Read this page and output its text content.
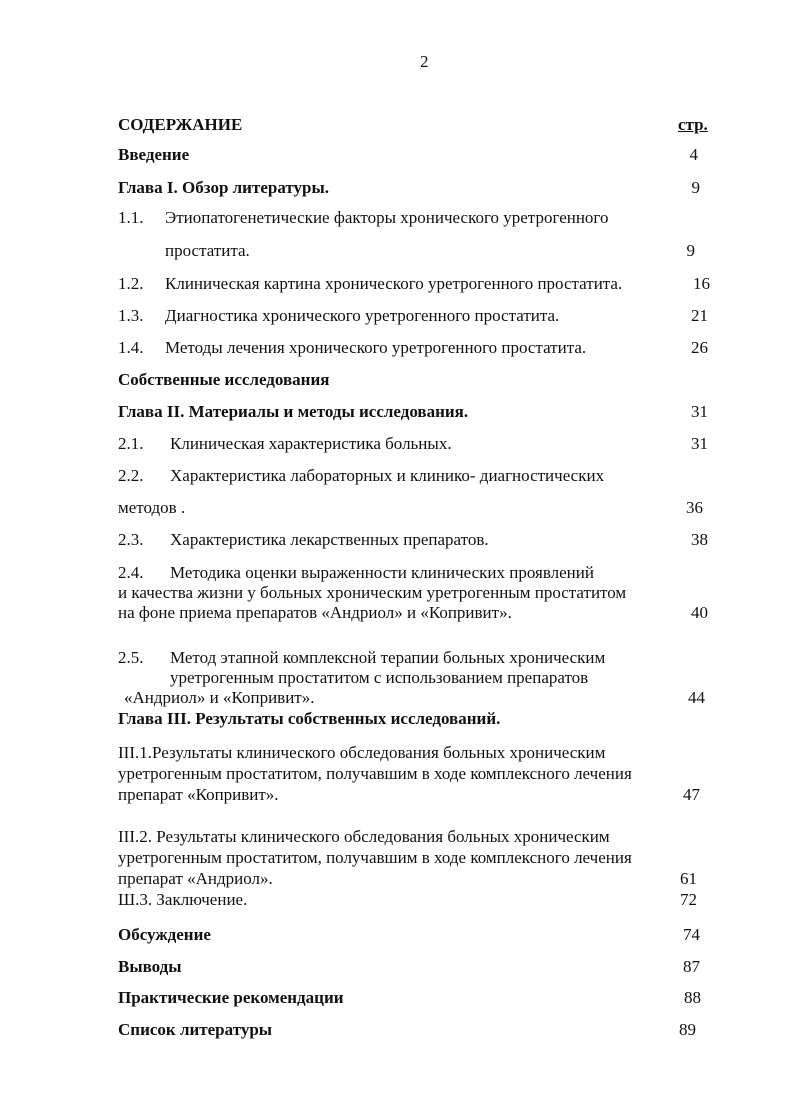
2
СОДЕРЖАНИЕ	стр.
Введение	4
Глава I. Обзор литературы.	9
1.1. Этиопатогенетические факторы хронического уретрогенного
простатита.	9
1.2. Клиническая картина хронического уретрогенного простатита.	16
1.3. Диагностика хронического уретрогенного простатита.	21
1.4. Методы лечения хронического уретрогенного простатита.	26
Собственные исследования
Глава II. Материалы и методы исследования.	31
2.1. Клиническая характеристика больных.	31
2.2. Характеристика лабораторных и клинико- диагностических
методов .	36
2.3. Характеристика лекарственных препаратов.	38
2.4. Методика оценки выраженности клинических проявлений
и качества жизни у больных хроническим уретрогенным простатитом
на фоне приема препаратов «Андриол» и «Копривит».	40
2.5. Метод этапной комплексной терапии больных хроническим
уретрогенным простатитом с использованием препаратов
«Андриол» и «Копривит».	44
Глава III. Результаты собственных исследований.
III.1.Результаты клинического обследования больных хроническим
уретрогенным простатитом, получавшим в ходе комплексного лечения
препарат «Копривит».	47
III.2. Результаты клинического обследования больных хроническим
уретрогенным простатитом, получавшим в ходе комплексного лечения
препарат «Андриол».	61
Ш.3. Заключение.	72
Обсуждение	74
Выводы	87
Практические рекомендации	88
Список литературы	89
